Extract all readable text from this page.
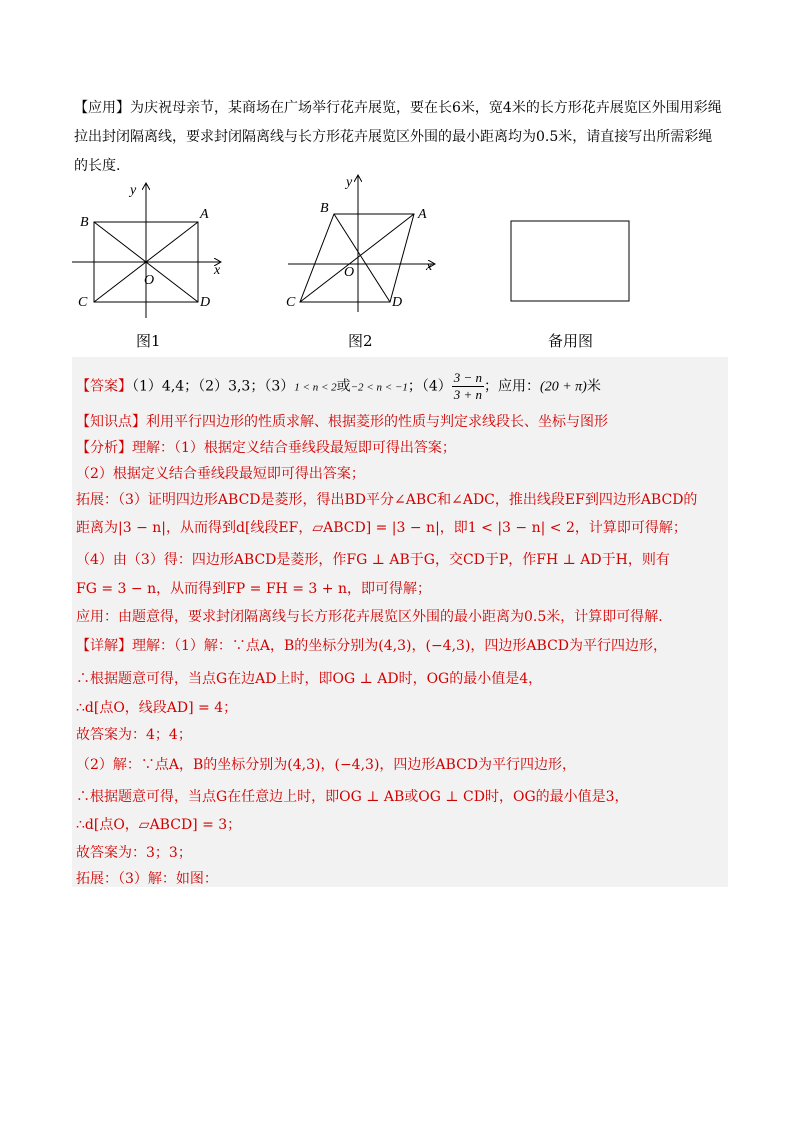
【应用】为庆祝母亲节，某商场在广场举行花卉展览，要在长6米，宽4米的长方形花卉展览区外围用彩绳拉出封闭隔离线，要求封闭隔离线与长方形花卉展览区外围的最小距离均为0.5米，请直接写出所需彩绳的长度.
B
A
C	D
O
x
y
图1
B	A
C	D
O	x
y
图2	备用图
【答案】（1）4,4；（2）3,3；（3）1 < n < 2或−2 < n < −1；$(4) \frac{3 - n}{3 + n}$ ；应用：(20 + π)米
【知识点】利用平行四边形的性质求解、根据菱形的性质与判定求线段长、坐标与图形
【分析】理解：（1）根据定义结合垂线段最短即可得出答案；
（2）根据定义结合垂线段最短即可得出答案；
拓展：（3）证明四边形ABCD是菱形，得出BD平分∠ABC和∠ADC，推出线段EF到四边形ABCD的
距离为|3 − n|，从而得到d[线段EF，▱ABCD] = |3 − n|，即1 < |3 − n| < 2，计算即可得解；
（4）由（3）得：四边形ABCD是菱形，作FG ⊥ AB于G，交CD于P，作FH ⊥ AD于H，则有
FG = 3 − n，从而得到FP = FH = 3 + n，即可得解；
应用：由题意得，要求封闭隔离线与长方形花卉展览区外围的最小距离为0.5米，计算即可得解.
【详解】理解：（1）解：∵点A，B的坐标分别为(4,3)，(−4,3)，四边形ABCD为平行四边形，
∴根据题意可得，当点G在边AD上时，即OG ⊥ AD时，OG的最小值是4，
∴d[点O，线段AD] = 4；
故答案为：4；4；
（2）解：∵点A，B的坐标分别为(4,3)，(−4,3)，四边形ABCD为平行四边形，
∴根据题意可得，当点G在任意边上时，即OG ⊥ AB或OG ⊥ CD时，OG的最小值是3，
∴d[点O，▱ABCD] = 3；
故答案为：3；3；
拓展：（3）解：如图：
